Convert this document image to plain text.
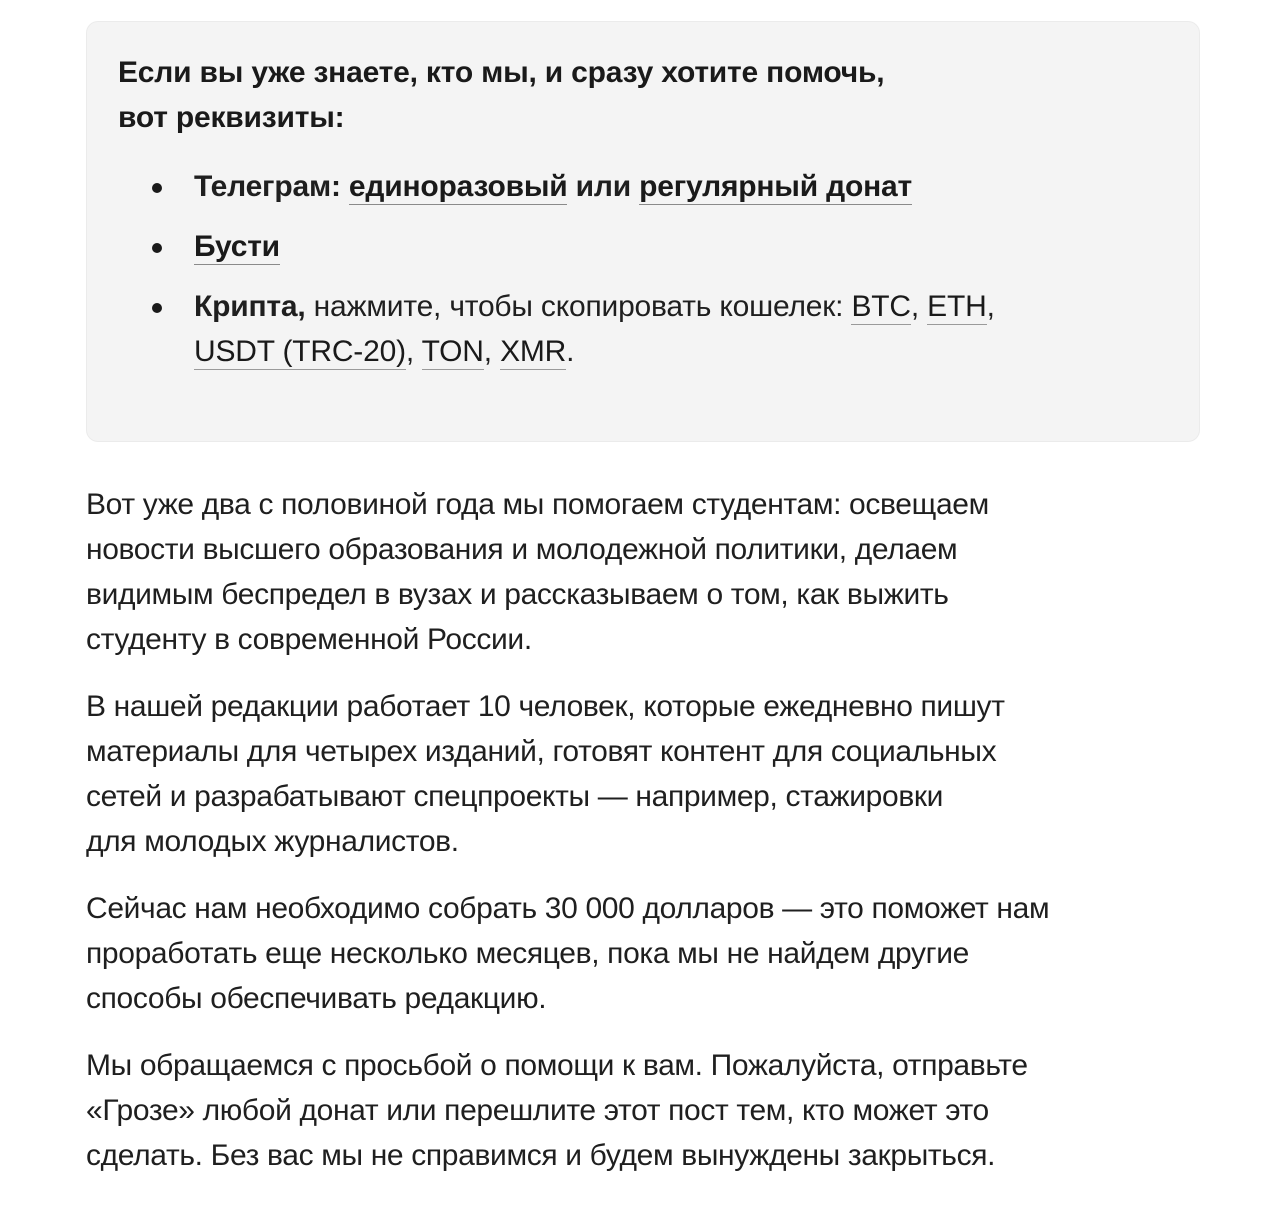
Если вы уже знаете, кто мы, и сразу хотите помочь,
вот реквизиты:
Телеграм: единоразовый или регулярный донат
Бусти
Крипта, нажмите, чтобы скопировать кошелек: BTC, ETH,
USDT (TRC-20), TON, XMR.

Вот уже два с половиной года мы помогаем студентам: освещаем
новости высшего образования и молодежной политики, делаем
видимым беспредел в вузах и рассказываем о том, как выжить
студенту в современной России.

В нашей редакции работает 10 человек, которые ежедневно пишут
материалы для четырех изданий, готовят контент для социальных
сетей и разрабатывают спецпроекты — например, стажировки
для молодых журналистов.

Сейчас нам необходимо собрать 30 000 долларов — это поможет нам
проработать еще несколько месяцев, пока мы не найдем другие
способы обеспечивать редакцию.

Мы обращаемся с просьбой о помощи к вам. Пожалуйста, отправьте
«Грозе» любой донат или перешлите этот пост тем, кто может это
сделать. Без вас мы не справимся и будем вынуждены закрыться.
